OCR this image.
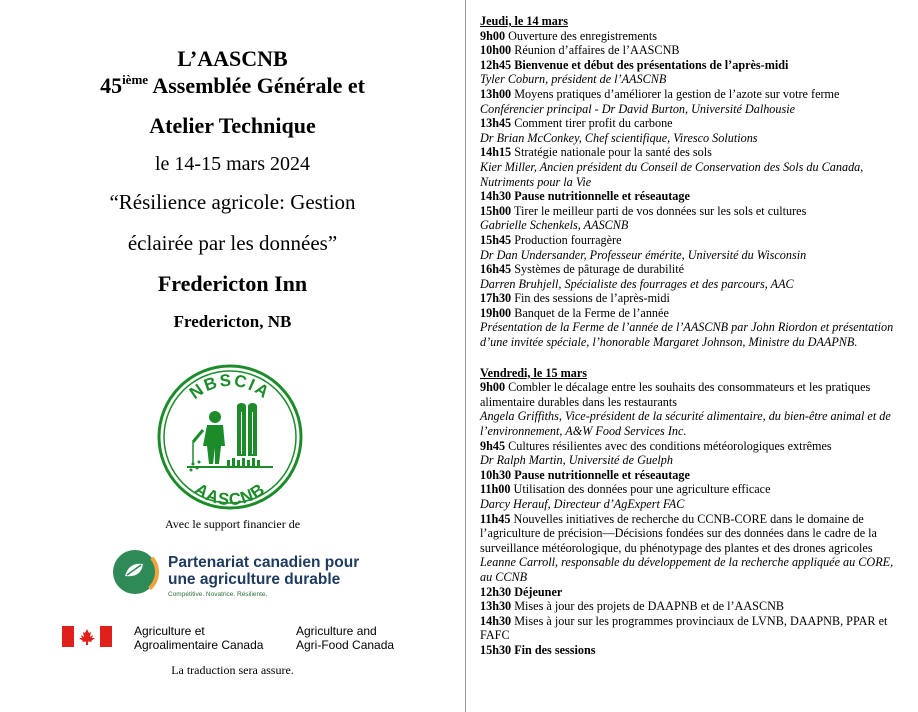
L’AASCNB
45ième Assemblée Générale et
Atelier Technique
le 14-15 mars 2024
“Résilience agricole: Gestion
éclairée par les données”
Fredericton Inn
Fredericton, NB
NBSCIA
AASCNB
Avec le support financier de
Partenariat canadien pour
une agriculture durable
Compétitive. Novatrice. Résiliente.
Agriculture et
Agroalimentaire Canada
Agriculture and
Agri-Food Canada
La traduction sera assure.
Jeudi, le 14 mars
9h00 Ouverture des enregistrements
10h00 Réunion d’affaires de l’AASCNB
12h45 Bienvenue et début des présentations de l’après-midi
Tyler Coburn, président de l’AASCNB
13h00 Moyens pratiques d’améliorer la gestion de l’azote sur votre ferme
Conférencier principal - Dr David Burton, Université Dalhousie
13h45 Comment tirer profit du carbone
Dr Brian McConkey, Chef scientifique, Viresco Solutions
14h15 Stratégie nationale pour la santé des sols
Kier Miller, Ancien président du Conseil de Conservation des Sols du Canada, Nutriments pour la Vie
14h30 Pause nutritionnelle et réseautage
15h00 Tirer le meilleur parti de vos données sur les sols et cultures
Gabrielle Schenkels, AASCNB
15h45 Production fourragère
Dr Dan Undersander, Professeur émérite, Université du Wisconsin
16h45 Systèmes de pâturage de durabilité
Darren Bruhjell, Spécialiste des fourrages et des parcours, AAC
17h30 Fin des sessions de l’après-midi
19h00 Banquet de la Ferme de l’année
Présentation de la Ferme de l’année de l’AASCNB par John Riordon et présentation d’une invitée spéciale, l’honorable Margaret Johnson, Ministre du DAAPNB.
Vendredi, le 15 mars
9h00 Combler le décalage entre les souhaits des consommateurs et les pratiques alimentaire durables dans les restaurants
Angela Griffiths, Vice-président de la sécurité alimentaire, du bien-être animal et de l’environnement, A&W Food Services Inc.
9h45 Cultures résilientes avec des conditions météorologiques extrêmes
Dr Ralph Martin, Université de Guelph
10h30 Pause nutritionnelle et réseautage
11h00 Utilisation des données pour une agriculture efficace
Darcy Herauf, Directeur d’AgExpert FAC
11h45 Nouvelles initiatives de recherche du CCNB-CORE dans le domaine de l’agriculture de précision—Décisions fondées sur des données dans le cadre de la surveillance météorologique, du phénotypage des plantes et des drones agricoles
Leanne Carroll, responsable du développement de la recherche appliquée au CORE, au CCNB
12h30 Déjeuner
13h30 Mises à jour des projets de DAAPNB et de l’AASCNB
14h30 Mises à jour sur les programmes provinciaux de LVNB, DAAPNB, PPAR et FAFC
15h30 Fin des sessions
